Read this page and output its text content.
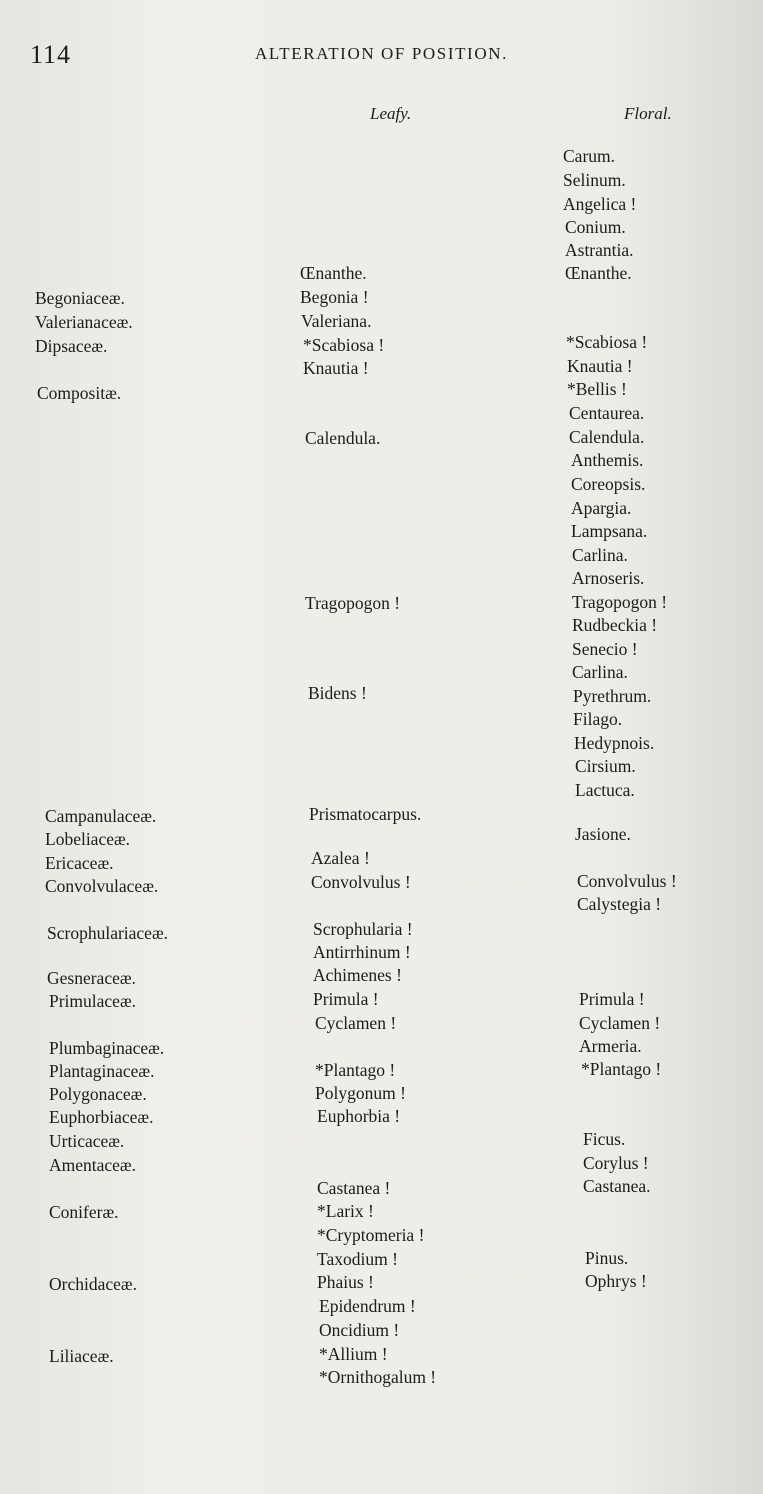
114	ALTERATION OF POSITION.
Leafy.	Floral.
Begoniaceæ.
Valerianaceæ.
Dipsaceæ.
Compositæ.
Campanulaceæ.
Lobeliaceæ.
Ericaceæ.
Convolvulaceæ.
Scrophulariaceæ.
Gesneraceæ.
Primulaceæ.
Plumbaginaceæ.
Plantaginaceæ.
Polygonaceæ.
Euphorbiaceæ.
Urticaceæ.
Amentaceæ.
Coniferæ.
Orchidaceæ.
Liliaceæ.
Œnanthe.
Begonia !
Valeriana.
*Scabiosa !
Knautia !
Calendula.
Tragopogon !
Bidens !
Prismatocarpus.
Azalea !
Convolvulus !
Scrophularia !
Antirrhinum !
Achimenes !
Primula !
Cyclamen !
*Plantago !
Polygonum !
Euphorbia !
Castanea !
*Larix !
*Cryptomeria !
Taxodium !
Phaius !
Epidendrum !
Oncidium !
*Allium !
*Ornithogalum !
Carum.
Selinum.
Angelica !
Conium.
Astrantia.
Œnanthe.
*Scabiosa !
Knautia !
*Bellis !
Centaurea.
Calendula.
Anthemis.
Coreopsis.
Apargia.
Lampsana.
Carlina.
Arnoseris.
Tragopogon !
Rudbeckia !
Senecio !
Carlina.
Pyrethrum.
Filago.
Hedypnois.
Cirsium.
Lactuca.
Jasione.
Convolvulus !
Calystegia !
Primula !
Cyclamen !
Armeria.
*Plantago !
Ficus.
Corylus !
Castanea.
Pinus.
Ophrys !
